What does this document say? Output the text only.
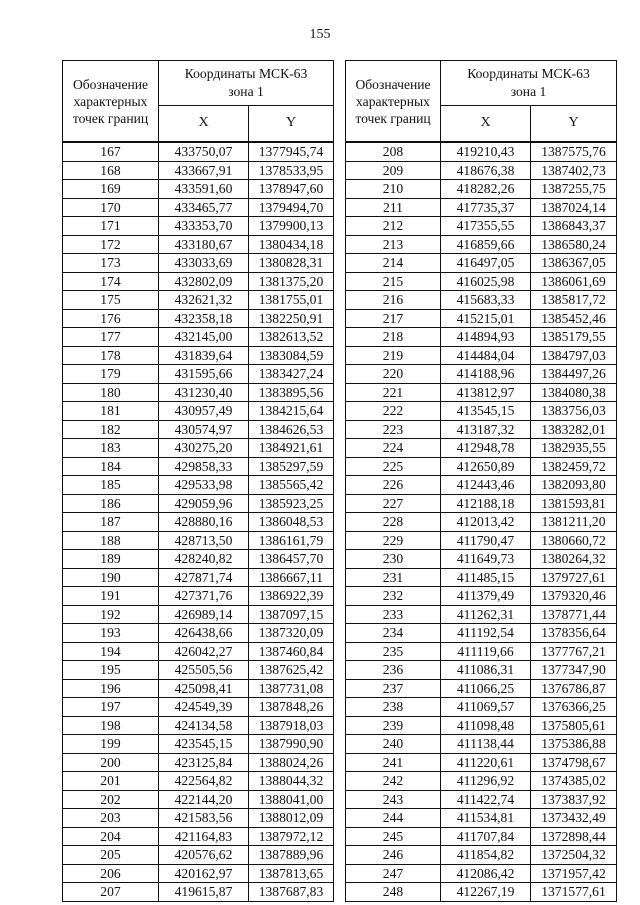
155
Обозначение
характерных
точек границ	Координаты МСК-63
зона 1	

	X	Y
167	433750,07	1377945,74
168	433667,91	1378533,95
169	433591,60	1378947,60
170	433465,77	1379494,70
171	433353,70	1379900,13
172	433180,67	1380434,18
173	433033,69	1380828,31
174	432802,09	1381375,20
175	432621,32	1381755,01
176	432358,18	1382250,91
177	432145,00	1382613,52
178	431839,64	1383084,59
179	431595,66	1383427,24
180	431230,40	1383895,56
181	430957,49	1384215,64
182	430574,97	1384626,53
183	430275,20	1384921,61
184	429858,33	1385297,59
185	429533,98	1385565,42
186	429059,96	1385923,25
187	428880,16	1386048,53
188	428713,50	1386161,79
189	428240,82	1386457,70
190	427871,74	1386667,11
191	427371,76	1386922,39
192	426989,14	1387097,15
193	426438,66	1387320,09
194	426042,27	1387460,84
195	425505,56	1387625,42
196	425098,41	1387731,08
197	424549,39	1387848,26
198	424134,58	1387918,03
199	423545,15	1387990,90
200	423125,84	1388024,26
201	422564,82	1388044,32
202	422144,20	1388041,00
203	421583,56	1388012,09
204	421164,83	1387972,12
205	420576,62	1387889,96
206	420162,97	1387813,65
207	419615,87	1387687,83
Обозначение
характерных
точек границ	Координаты МСК-63
зона 1	

	X	Y
208	419210,43	1387575,76
209	418676,38	1387402,73
210	418282,26	1387255,75
211	417735,37	1387024,14
212	417355,55	1386843,37
213	416859,66	1386580,24
214	416497,05	1386367,05
215	416025,98	1386061,69
216	415683,33	1385817,72
217	415215,01	1385452,46
218	414894,93	1385179,55
219	414484,04	1384797,03
220	414188,96	1384497,26
221	413812,97	1384080,38
222	413545,15	1383756,03
223	413187,32	1383282,01
224	412948,78	1382935,55
225	412650,89	1382459,72
226	412443,46	1382093,80
227	412188,18	1381593,81
228	412013,42	1381211,20
229	411790,47	1380660,72
230	411649,73	1380264,32
231	411485,15	1379727,61
232	411379,49	1379320,46
233	411262,31	1378771,44
234	411192,54	1378356,64
235	411119,66	1377767,21
236	411086,31	1377347,90
237	411066,25	1376786,87
238	411069,57	1376366,25
239	411098,48	1375805,61
240	411138,44	1375386,88
241	411220,61	1374798,67
242	411296,92	1374385,02
243	411422,74	1373837,92
244	411534,81	1373432,49
245	411707,84	1372898,44
246	411854,82	1372504,32
247	412086,42	1371957,42
248	412267,19	1371577,61
